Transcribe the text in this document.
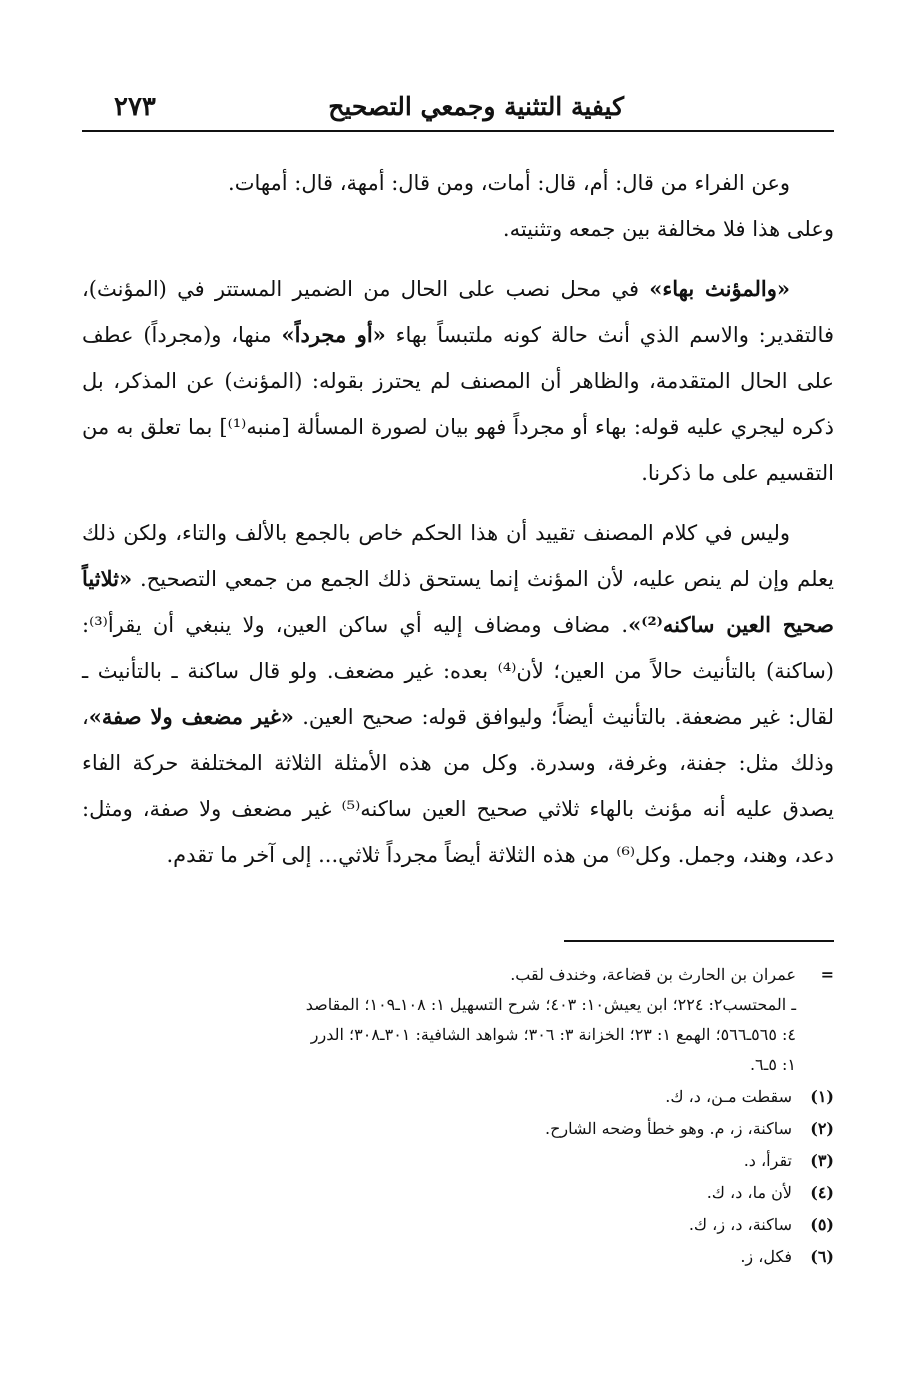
كيفية التثنية وجمعي التصحيح
٢٧٣

وعن الفراء من قال: أم، قال: أمات، ومن قال: أمهة، قال: أمهات.
وعلى هذا فلا مخالفة بين جمعه وتثنيته.

«والمؤنث بهاء» في محل نصب على الحال من الضمير المستتر في (المؤنث)، فالتقدير: والاسم الذي أنث حالة كونه ملتبساً بهاء «أو مجرداً» منها، و(مجرداً) عطف على الحال المتقدمة، والظاهر أن المصنف لم يحترز بقوله: (المؤنث) عن المذكر، بل ذكره ليجري عليه قوله: بهاء أو مجرداً فهو بيان لصورة المسألة [منبه⁽¹⁾] بما تعلق به من التقسيم على ما ذكرنا.

وليس في كلام المصنف تقييد أن هذا الحكم خاص بالجمع بالألف والتاء، ولكن ذلك يعلم وإن لم ينص عليه، لأن المؤنث إنما يستحق ذلك الجمع من جمعي التصحيح. «ثلاثياً صحيح العين ساكنه⁽²⁾». مضاف ومضاف إليه أي ساكن العين، ولا ينبغي أن يقرأ⁽³⁾: (ساكنة) بالتأنيث حالاً من العين؛ لأن⁽⁴⁾ بعده: غير مضعف. ولو قال ساكنة ـ بالتأنيث ـ لقال: غير مضعفة. بالتأنيث أيضاً؛ وليوافق قوله: صحيح العين. «غير مضعف ولا صفة»، وذلك مثل: جفنة، وغرفة، وسدرة. وكل من هذه الأمثلة الثلاثة المختلفة حركة الفاء يصدق عليه أنه مؤنث بالهاء ثلاثي صحيح العين ساكنه⁽⁵⁾ غير مضعف ولا صفة، ومثل: دعد، وهند، وجمل. وكل⁽⁶⁾ من هذه الثلاثة أيضاً مجرداً ثلاثي... إلى آخر ما تقدم.

=
عمران بن الحارث بن قضاعة، وخندف لقب.
ـ المحتسب٢: ٢٢٤؛ ابن يعيش١٠: ٤٠٣؛ شرح التسهيل ١: ١٠٨ـ١٠٩؛ المقاصد
٤: ٥٦٥ـ٥٦٦؛ الهمع ١: ٢٣؛ الخزانة ٣: ٣٠٦؛ شواهد الشافية: ٣٠١ـ٣٠٨؛ الدرر
١: ٥ـ٦.
(١)
سقطت مـن، د، ك.
(٢)
ساكنة، ز، م. وهو خطأ وضحه الشارح.
(٣)
تقرأ، د.
(٤)
لأن ما، د، ك.
(٥)
ساكنة، د، ز، ك.
(٦)
فكل، ز.
